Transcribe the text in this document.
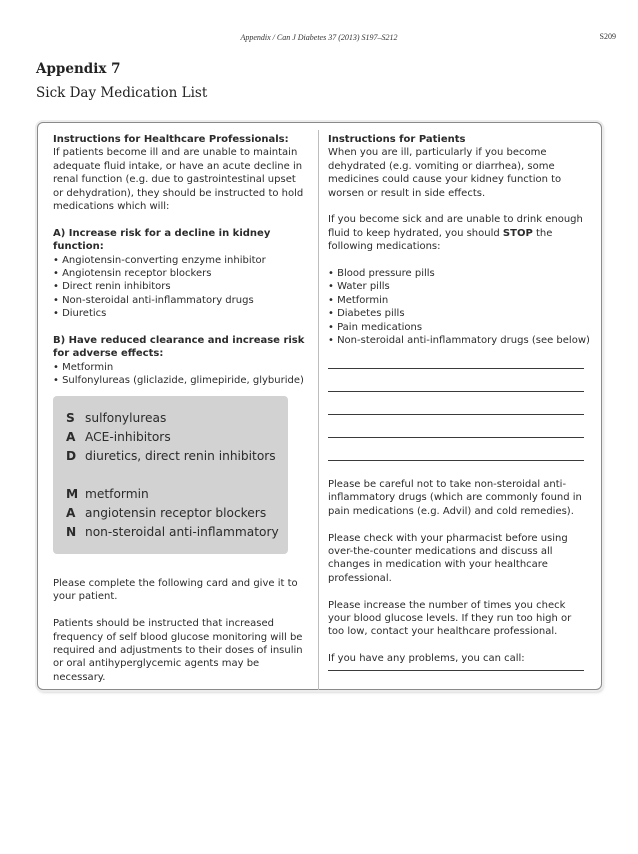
Appendix / Can J Diabetes 37 (2013) S197–S212	S209
Appendix 7
Sick Day Medication List
Instructions for Healthcare Professionals:
If patients become ill and are unable to maintain adequate fluid intake, or have an acute decline in renal function (e.g. due to gastrointestinal upset or dehydration), they should be instructed to hold medications which will:
A) Increase risk for a decline in kidney function:
• Angiotensin-converting enzyme inhibitor
• Angiotensin receptor blockers
• Direct renin inhibitors
• Non-steroidal anti-inflammatory drugs
• Diuretics
B) Have reduced clearance and increase risk for adverse effects:
• Metformin
• Sulfonylureas (gliclazide, glimepiride, glyburide)
S sulfonylureas
A ACE-inhibitors
D diuretics, direct renin inhibitors
M metformin
A angiotensin receptor blockers
N non-steroidal anti-inflammatory
Please complete the following card and give it to your patient.
Patients should be instructed that increased frequency of self blood glucose monitoring will be required and adjustments to their doses of insulin or oral antihyperglycemic agents may be necessary.
Instructions for Patients
When you are ill, particularly if you become dehydrated (e.g. vomiting or diarrhea), some medicines could cause your kidney function to worsen or result in side effects.
If you become sick and are unable to drink enough fluid to keep hydrated, you should STOP the following medications:
• Blood pressure pills
• Water pills
• Metformin
• Diabetes pills
• Pain medications
• Non-steroidal anti-inflammatory drugs (see below)
Please be careful not to take non-steroidal anti-inflammatory drugs (which are commonly found in pain medications (e.g. Advil) and cold remedies).
Please check with your pharmacist before using over-the-counter medications and discuss all changes in medication with your healthcare professional.
Please increase the number of times you check your blood glucose levels. If they run too high or too low, contact your healthcare professional.
If you have any problems, you can call:
